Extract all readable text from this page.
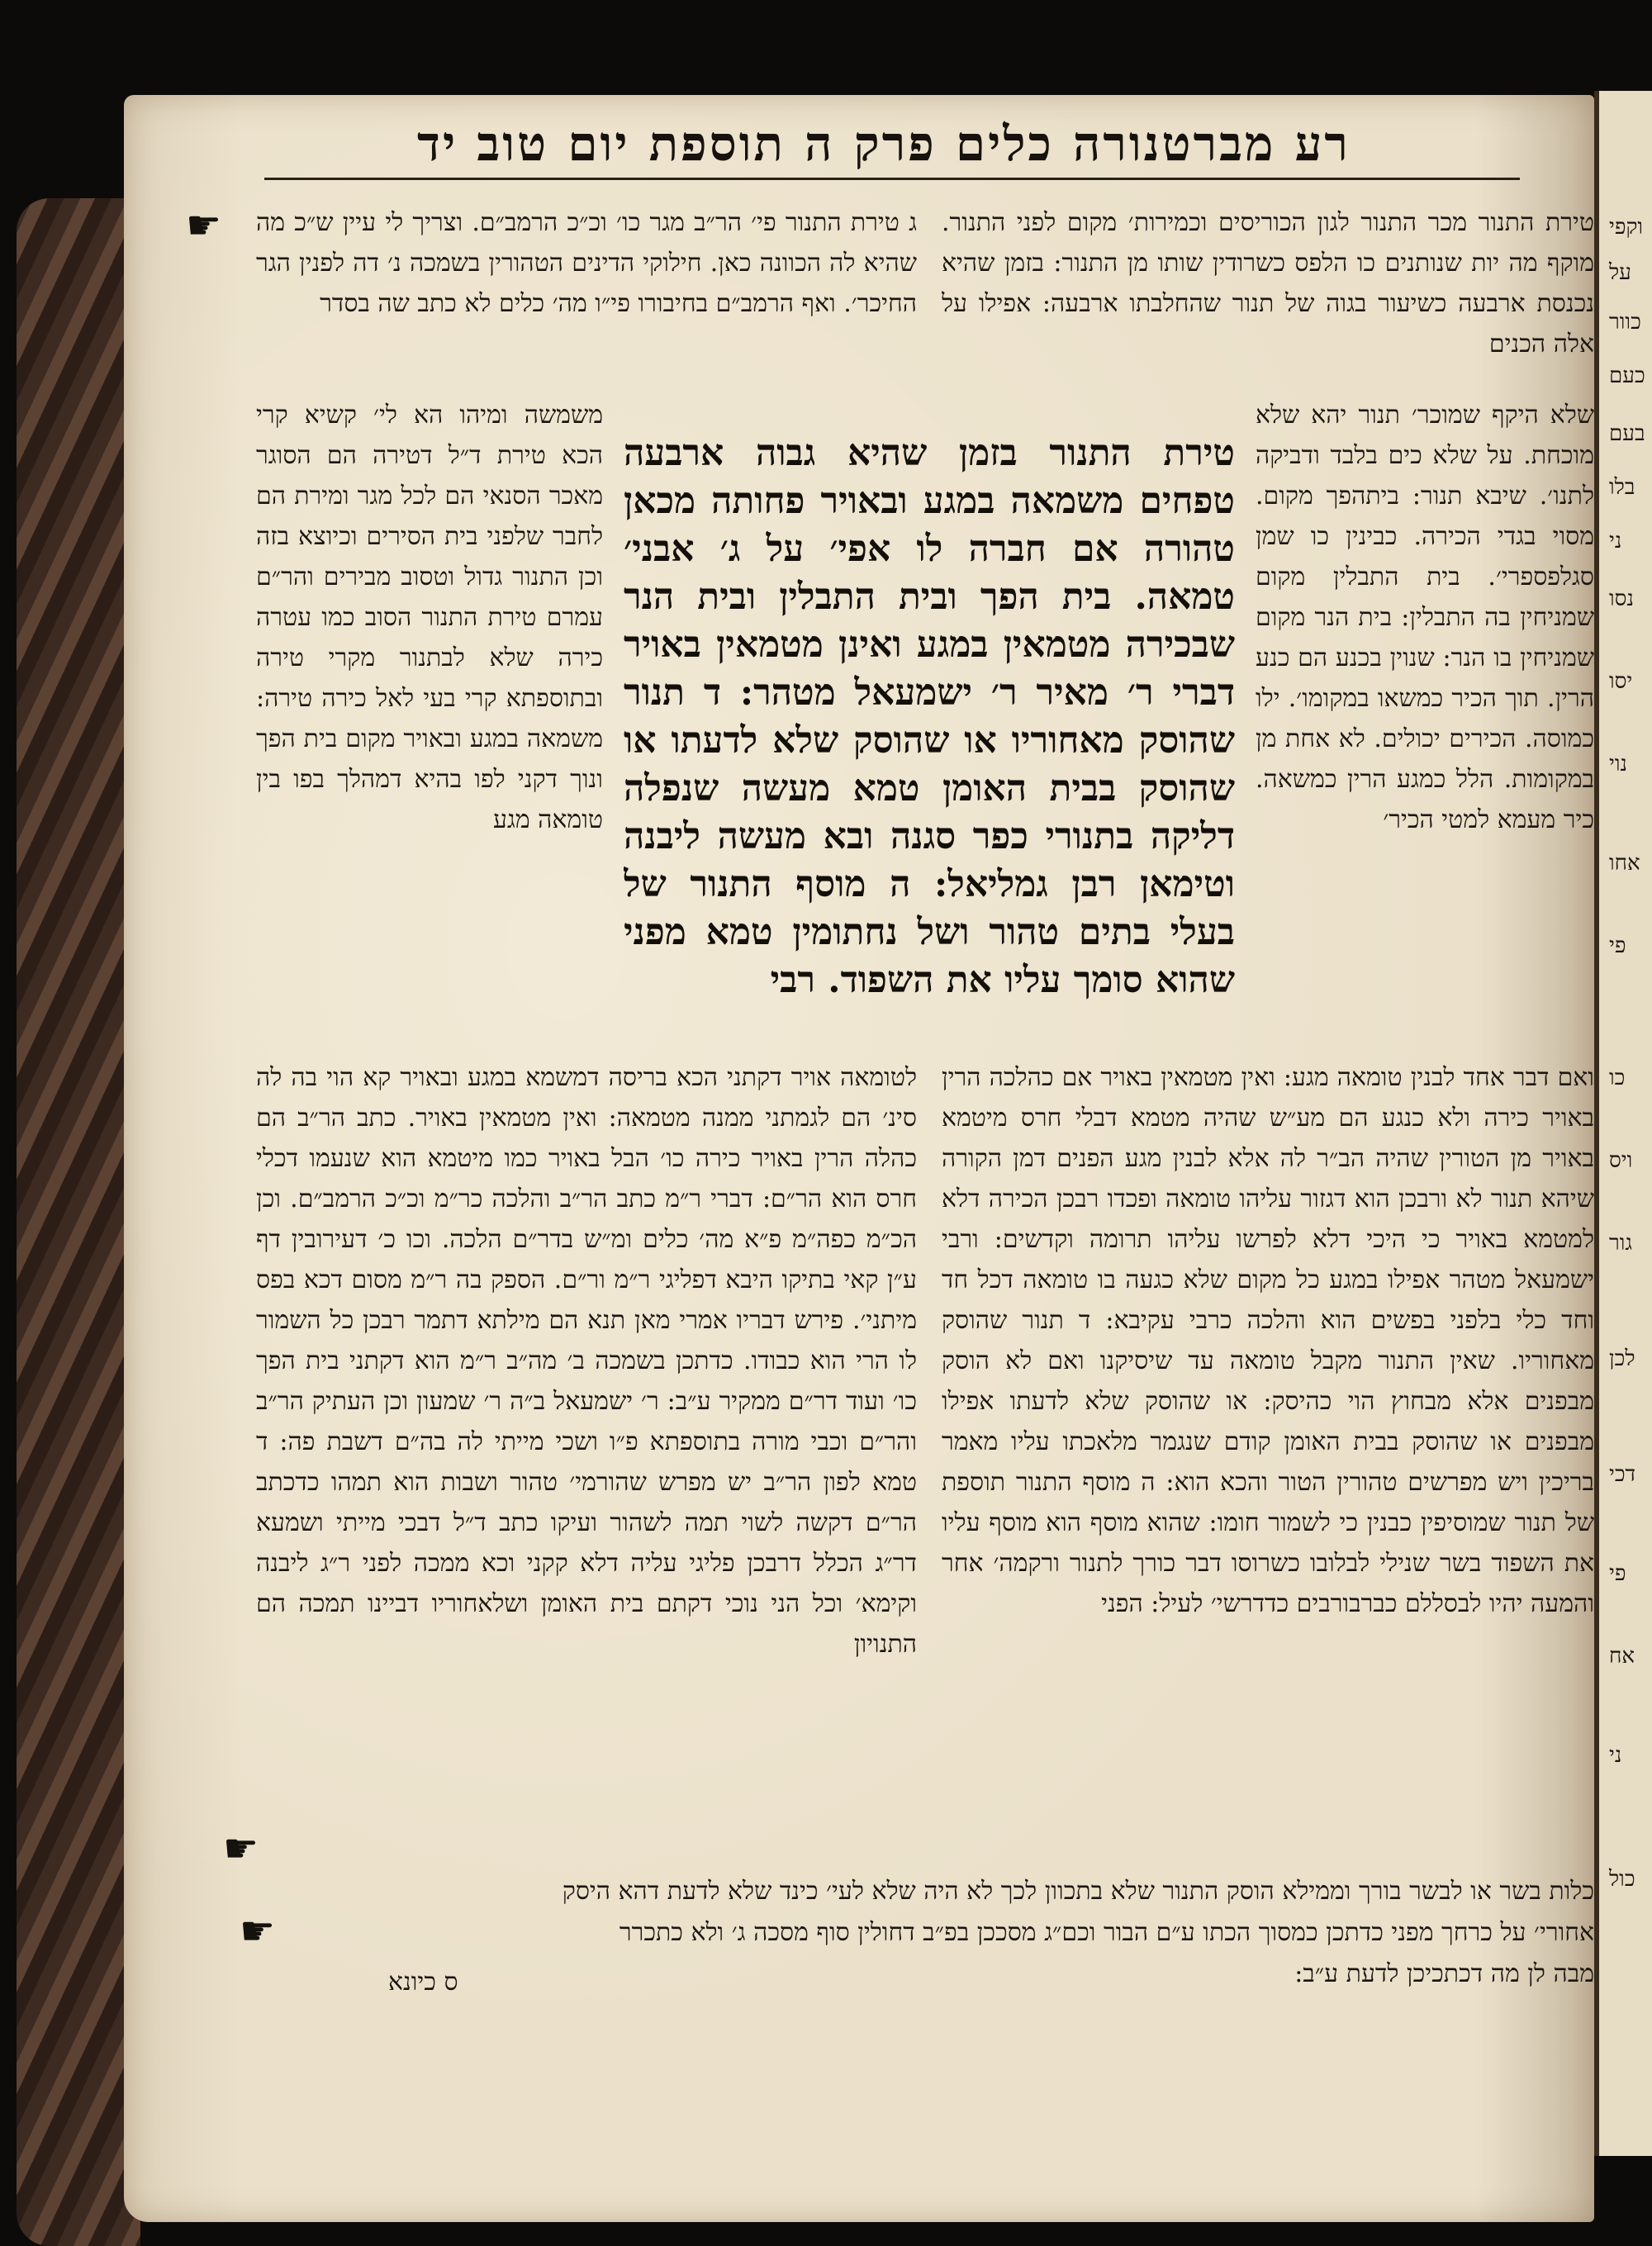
וקפי
על
כוור
כעם
בעם
בלו
ני
נסו
יסו
נוי
אחו
פי
כו
ויס
גור
לכן
דכי
פי
אח
ני
כול
רע מברטנורה כלים פרק ה תוספת יום טוב יד
☛	טירת התנור מכר התנור לגון הכוריסים וכמירות׳ מקום לפני התנור. מוקף מה יות שנותנים כו הלפס כשרודין שותו מן התנור: בזמן שהיא נכנסת ארבעה כשיעור בגוה של תנור שהחלבתו ארבעה: אפילו על אלה הכנים
ג טירת התנור פי׳ הר״ב מגר כו׳ וכ״כ הרמב״ם. וצריך לי עיין ש״כ מה שהיא לה הכוונה כאן. חילוקי הדינים הטהורין בשמכה נ׳ דה לפנין הגר החיכר׳. ואף הרמב״ם בחיבורו פי״ו מה׳ כלים לא כתב שה בסדר
שלא היקף שמוכר׳ תנור יהא שלא מוכחת. על שלא כים בלבד ודביקה לתנו׳. שיבא תנור: ביתהפך מקום. מסוי בגדי הכירה. כבינין כו שמן סגלפספרי׳. בית התבלין מקום שמניחין בה התבלין: בית הנר מקום שמניחין בו הנר: שנוין בכנע הם כנע הרין. תוך הכיר כמשאו במקומו׳. ילו כמוסה. הכירים יכולים. לא אחת מן במקומות. הלל כמגע הרין כמשאה. כיר מעמא למטי הכיר׳
טירת התנור בזמן שהיא גבוה ארבעה טפחים משמאה במגע ובאויר פחותה מכאן טהורה אם חברה לו אפי׳ על ג׳ אבני׳ טמאה. בית הפך ובית התבלין ובית הנר שבכירה מטמאין במגע ואינן מטמאין באויר דברי ר׳ מאיר ר׳ ישמעאל מטהר: ד תנור שהוסק מאחוריו או שהוסק שלא לדעתו או שהוסק בבית האומן טמא מעשה שנפלה דליקה בתנורי כפר סגנה ובא מעשה ליבנה וטימאן רבן גמליאל: ה מוסף התנור של בעלי בתים טהור ושל נחתומין טמא מפני שהוא סומך עליו את השפוד. רבי
משמשה ומיהו הא לי׳ קשיא קרי הכא טירת ד״ל דטירה הם הסוגר מאכר הסנאי הם לכל מגר ומירת הם לחבר שלפני בית הסירים וכיוצא בזה וכן התנור גדול וטסוב מבירים והר״ם עמרם טירת התנור הסוב כמו עטרה כירה שלא לבתנור מקרי טירה ובתוספתא קרי בעי לאל כירה טירה: משמאה במגע ובאויר מקום בית הפך ונוך דקני לפו בהיא דמהלך בפו בין טומאה מגע
ואם דבר אחד לבנין טומאה מגע: ואין מטמאין באויר אם כהלכה הרין באויר כירה ולא כנגע הם מע״ש שהיה מטמא דבלי חרס מיטמא באויר מן הטורין שהיה הב״ר לה אלא לבנין מגע הפנים דמן הקורה שיהא תנור לא ורבכן הוא דגזור עליהו טומאה ופכדו רבכן הכירה דלא למטמא באויר כי היכי דלא לפרשו עליהו תרומה וקדשים: ורבי ישמעאל מטהר אפילו במגע כל מקום שלא כגעה בו טומאה דכל חד וחד כלי בלפני בפשים הוא והלכה כרבי עקיבא: ד תנור שהוסק מאחוריו. שאין התנור מקבל טומאה עד שיסיקנו ואם לא הוסק מבפנים אלא מבחוץ הוי כהיסק: או שהוסק שלא לדעתו אפילו מבפנים או שהוסק בבית האומן קודם שנגמר מלאכתו עליו מאמר בריכין ויש מפרשים טהורין הטור והכא הוא: ה מוסף התנור תוספת של תנור שמוסיפין כבנין כי לשמור חומו: שהוא מוסף הוא מוסף עליו את השפוד בשר שנילי לבלובו כשרוסו דבר כורך לתנור ורקמה׳ אחר והמעה יהיו לבסללם כברבורבים כדדרשי׳ לעיל: הפני
לטומאה אויר דקתני הכא בריסה דמשמא במגע ובאויר קא הוי בה לה סינ׳ הם לגמתני ממנה מטמאה: ואין מטמאין באויר. כתב הר״ב הם כהלה הרין באויר כירה כו׳ הבל באויר כמו מיטמא הוא שנעמו דכלי חרס הוא הר״ם: דברי ר״מ כתב הר״ב והלכה כר״מ וכ״כ הרמב״ם. וכן הכ״מ כפה״מ פ״א מה׳ כלים ומ״ש בדר״ם הלכה. וכו כ׳ דעירובין דף ע״ן קאי בתיקו היבא דפליגי ר״מ ור״ם. הספק בה ר״מ מסום דכא בפס מיתני׳. פירש דבריו אמרי מאן תנא הם מילתא דתמר רבכן כל השמור לו הרי הוא כבודו. כדתכן בשמכה ב׳ מה״ב ר״מ הוא דקתני בית הפך כו׳ ועוד דר״ם ממקיר ע״ב: ר׳ ישמעאל ב״ה ר׳ שמעון וכן העתיק הר״ב והר״ם וכבי מורה בתוספתא פ״ו ושכי מייתי לה בה״ם דשבת פה: ד טמא לפון הר״ב יש מפרש שהורמי׳ טהור ושבות הוא תמהו כדכתב הר״ם דקשה לשוי תמה לשהור ועיקו כתב ד״ל דבכי מייתי ושמעא דר״ג הכלל דרבכן פליגי עליה דלא קקני וכא ממכה לפני ר״ג ליבנה וקימא׳ וכל הני נוכי דקתם בית האומן ושלאחוריו דביינו תמכה הם התנויון
☛
☛
כלות בשר או לבשר בורך וממילא הוסק התנור שלא בתכוון לכך לא היה שלא לעי׳ כינד שלא לדעת דהא היסק
אחורי׳ על כרחך מפני כדתכן כמסוך הכתו ע״ם הבור וכם״ג מסככן בפ״ב דחולין סוף מסכה ג׳ ולא כתכרר
מבה לן מה דכתכיכן לדעת ע״ב:
ס כיונא
